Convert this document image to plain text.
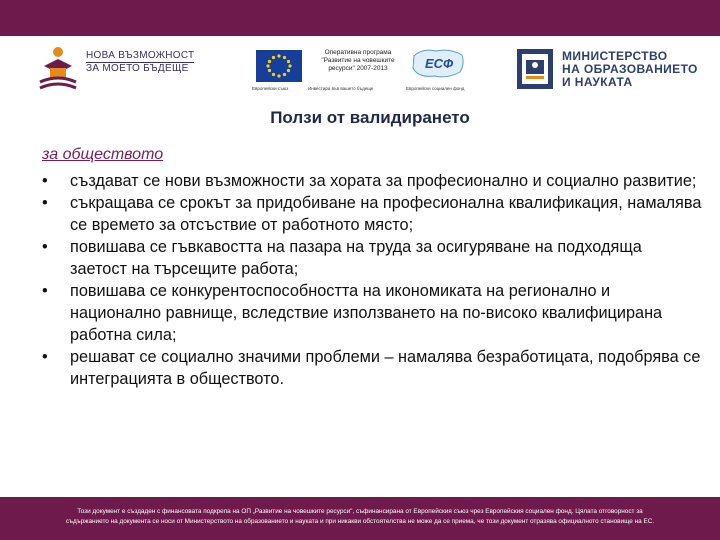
НОВА ВЪЗМОЖНОСТ
ЗА МОЕТО БЪДЕЩЕ
Европейски съюз
Оперативна програма
"Развитие на човешките
ресурси" 2007-2013
Инвестира във вашето бъдеще
ЕСФ
Европейски социален фонд
МИНИСТЕРСТВО
НА ОБРАЗОВАНИЕТО
И НАУКАТА
Ползи от валидирането
за обществото
•	създават се нови възможности за хората за професионално и социално развитие;
•	съкращава се срокът за придобиване на професионална квалификация, намалява се времето за отсъствие от работното място;
•	повишава се гъвкавостта на пазара на труда за осигуряване на подходяща заетост на търсещите работа;
•	повишава се конкурентоспособността на икономиката на регионално и национално равнище, вследствие използването на по-високо квалифицирана работна сила;
•	решават се социално значими проблеми – намалява безработицата, подобрява се интеграцията в обществото.
Този документ е създаден с финансовата подкрепа на ОП „Развитие на човешките ресурси", съфинансирана от Европейския съюз чрез Европейския социален фонд. Цялата отговорност за
съдържанието на документа се носи от Министерството на образованието и науката и при никакви обстоятелства не може да се приема, че този документ отразява официалното становище на ЕС.
